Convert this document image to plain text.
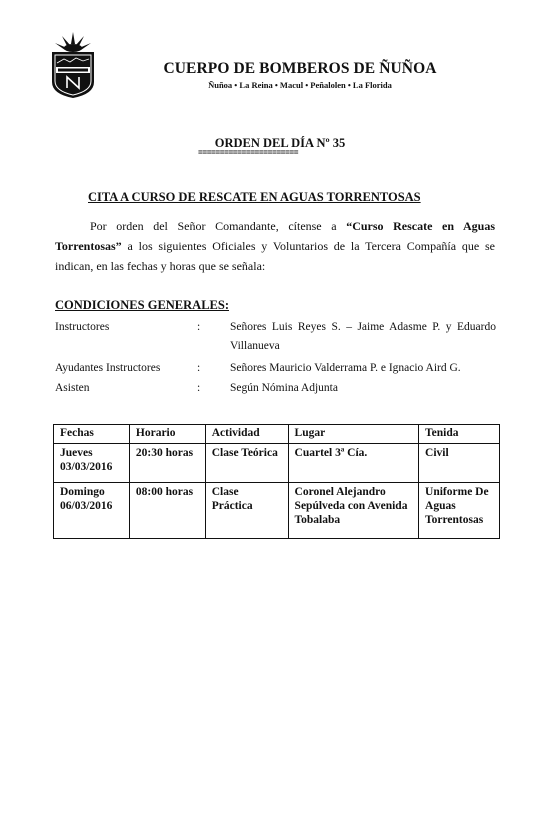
CUERPO DE BOMBEROS DE ÑUÑOA
Ñuñoa • La Reina • Macul • Peñalolen • La Florida
ORDEN DEL DÍA Nº 35
=======================
CITA A CURSO DE RESCATE EN AGUAS TORRENTOSAS
Por orden del Señor Comandante, cítense a “Curso Rescate en Aguas Torrentosas” a los siguientes Oficiales y Voluntarios de la Tercera Compañía que se indican, en las fechas y horas que se señala:
CONDICIONES GENERALES:
Instructores	:	Señores Luis Reyes S. – Jaime Adasme P. y Eduardo Villanueva
Ayudantes Instructores	:	Señores Mauricio Valderrama P. e Ignacio Aird G.
Asisten	:	Según Nómina Adjunta
Fechas	Horario	Actividad	Lugar	Tenida
Jueves
03/03/2016	20:30 horas	Clase Teórica	Cuartel 3ª Cía.	Civil
Domingo
06/03/2016	08:00 horas	Clase Práctica	Coronel Alejandro Sepúlveda con Avenida Tobalaba	Uniforme De Aguas Torrentosas
